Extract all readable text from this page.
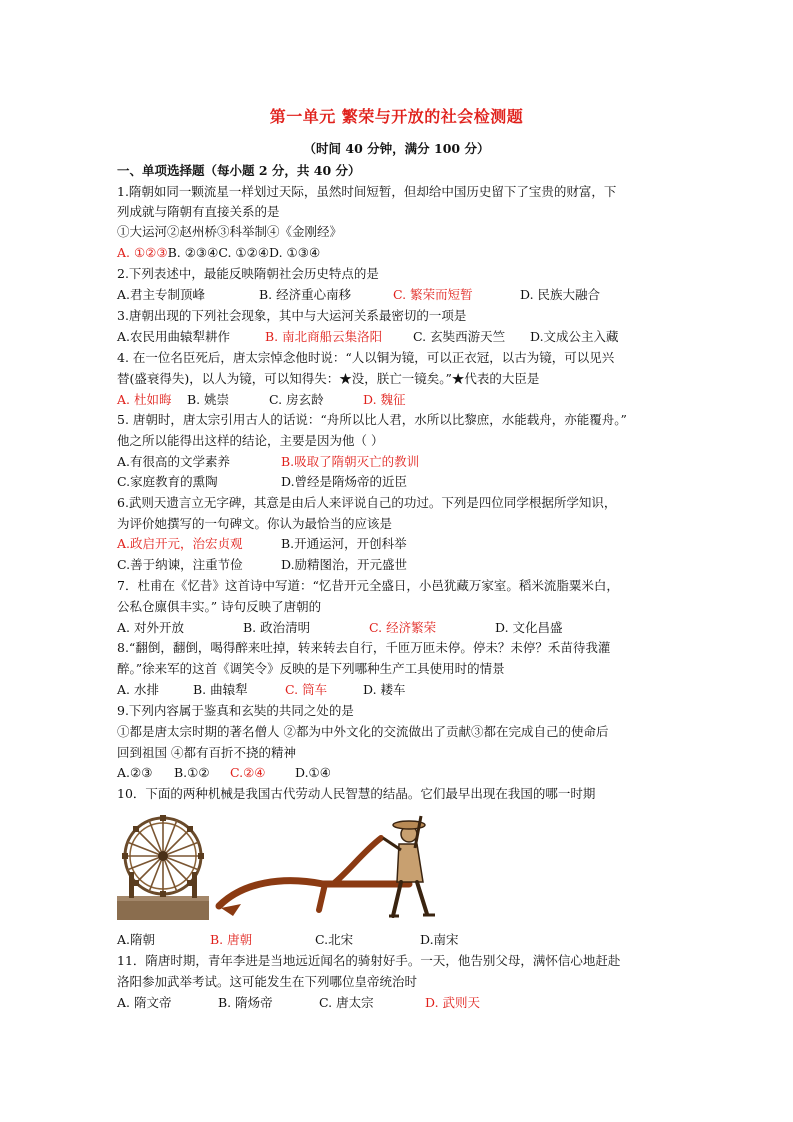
第一单元 繁荣与开放的社会检测题
（时间 40 分钟，满分 100 分）
一、单项选择题（每小题 2 分，共 40 分）
1.隋朝如同一颗流星一样划过天际，虽然时间短暂，但却给中国历史留下了宝贵的财富，下
列成就与隋朝有直接关系的是
①大运河②赵州桥③科举制④《金刚经》
A. ①②③B. ②③④C. ①②④D. ①③④
2.下列表述中，最能反映隋朝社会历史特点的是
A.君主专制顶峰	B. 经济重心南移	C. 繁荣而短暂	D. 民族大融合
3.唐朝出现的下列社会现象，其中与大运河关系最密切的一项是
A.农民用曲辕犁耕作	B. 南北商船云集洛阳 C. 玄奘西游天竺 D.文成公主入藏
4. 在一位名臣死后，唐太宗悼念他时说：“人以铜为镜，可以正衣冠，以古为镜，可以见兴
替(盛衰得失)，以人为镜，可以知得失：★没，朕亡一镜矣。”★代表的大臣是
A. 杜如晦 B. 姚崇	C. 房玄龄	D. 魏征
5. 唐朝时，唐太宗引用古人的话说：“舟所以比人君，水所以比黎庶，水能载舟，亦能覆舟。”
他之所以能得出这样的结论，主要是因为他（ ）
A.有很高的文学素养	B.吸取了隋朝灭亡的教训
C.家庭教育的熏陶	D.曾经是隋炀帝的近臣
6.武则天遗言立无字碑，其意是由后人来评说自己的功过。下列是四位同学根据所学知识，
为评价她撰写的一句碑文。你认为最恰当的应该是
A.政启开元，治宏贞观	B.开通运河，开创科举
C.善于纳谏，注重节俭	D.励精图治，开元盛世
7．杜甫在《忆昔》这首诗中写道：“忆昔开元全盛日，小邑犹藏万家室。稻米流脂粟米白，
公私仓廪俱丰实。” 诗句反映了唐朝的
A. 对外开放	B. 政治清明	C. 经济繁荣	D. 文化昌盛
8.“翻倒，翻倒，喝得醉来吐掉，转来转去自行，千匝万匝未停。停未？未停？禾苗待我灌
醉。”徐来军的这首《调笑令》反映的是下列哪种生产工具使用时的情景
A. 水排	B. 曲辕犁	C. 筒车	D. 耧车
9.下列内容属于鉴真和玄奘的共同之处的是
①都是唐太宗时期的著名僧人 ②都为中外文化的交流做出了贡献③都在完成自己的使命后
回到祖国 ④都有百折不挠的精神
A.②③ B.①② C.②④ D.①④
10．下面的两种机械是我国古代劳动人民智慧的结晶。它们最早出现在我国的哪一时期
A.隋朝	B. 唐朝	C.北宋	D.南宋
11．隋唐时期，青年李进是当地远近闻名的骑射好手。一天，他告别父母，满怀信心地赶赴
洛阳参加武举考试。这可能发生在下列哪位皇帝统治时
A. 隋文帝	B. 隋炀帝	C. 唐太宗	D. 武则天
